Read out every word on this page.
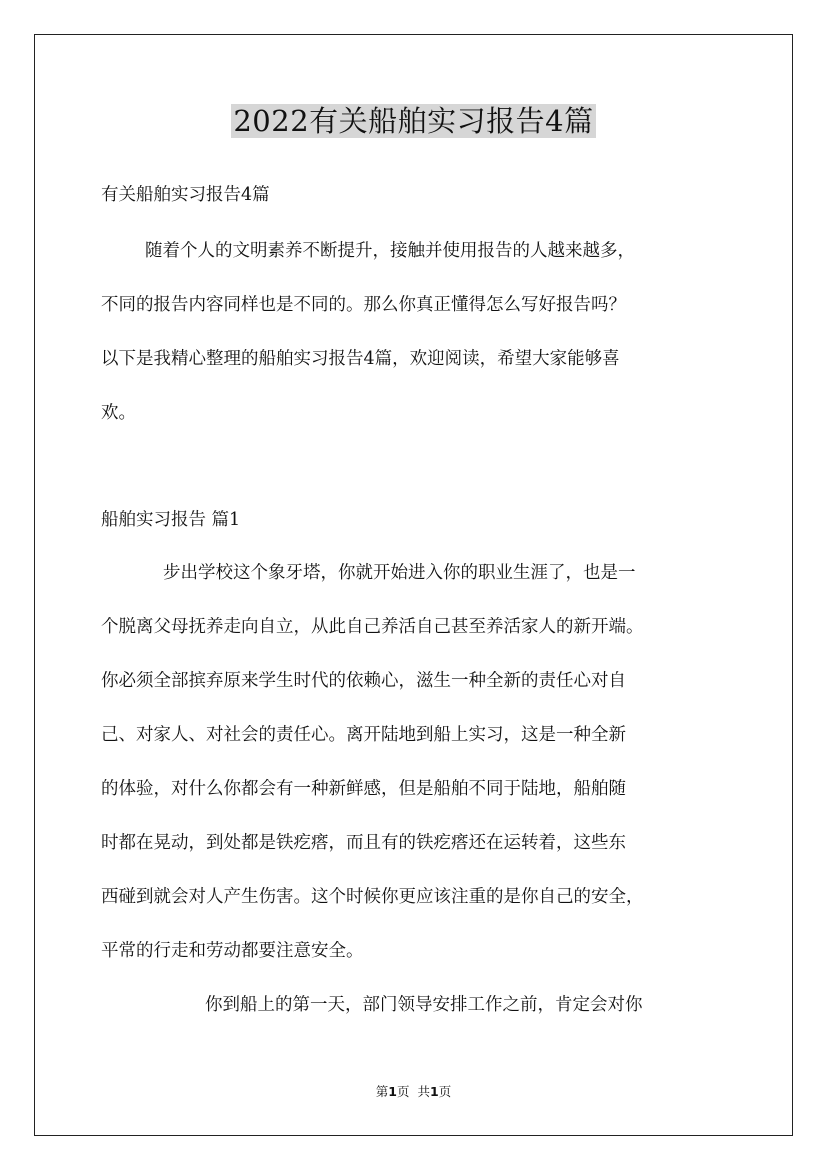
2022有关船舶实习报告4篇
有关船舶实习报告4篇

随着个人的文明素养不断提升，接触并使用报告的人越来越多，
不同的报告内容同样也是不同的。那么你真正懂得怎么写好报告吗？
以下是我精心整理的船舶实习报告4篇，欢迎阅读，希望大家能够喜
欢。

船舶实习报告 篇1

步出学校这个象牙塔，你就开始进入你的职业生涯了，也是一
个脱离父母抚养走向自立，从此自己养活自己甚至养活家人的新开端。
你必须全部摈弃原来学生时代的依赖心，滋生一种全新的责任心对自
己、对家人、对社会的责任心。离开陆地到船上实习，这是一种全新
的体验，对什么你都会有一种新鲜感，但是船舶不同于陆地，船舶随
时都在晃动，到处都是铁疙瘩，而且有的铁疙瘩还在运转着，这些东
西碰到就会对人产生伤害。这个时候你更应该注重的是你自己的安全，
平常的行走和劳动都要注意安全。

你到船上的第一天，部门领导安排工作之前，肯定会对你

第1页 共1页
